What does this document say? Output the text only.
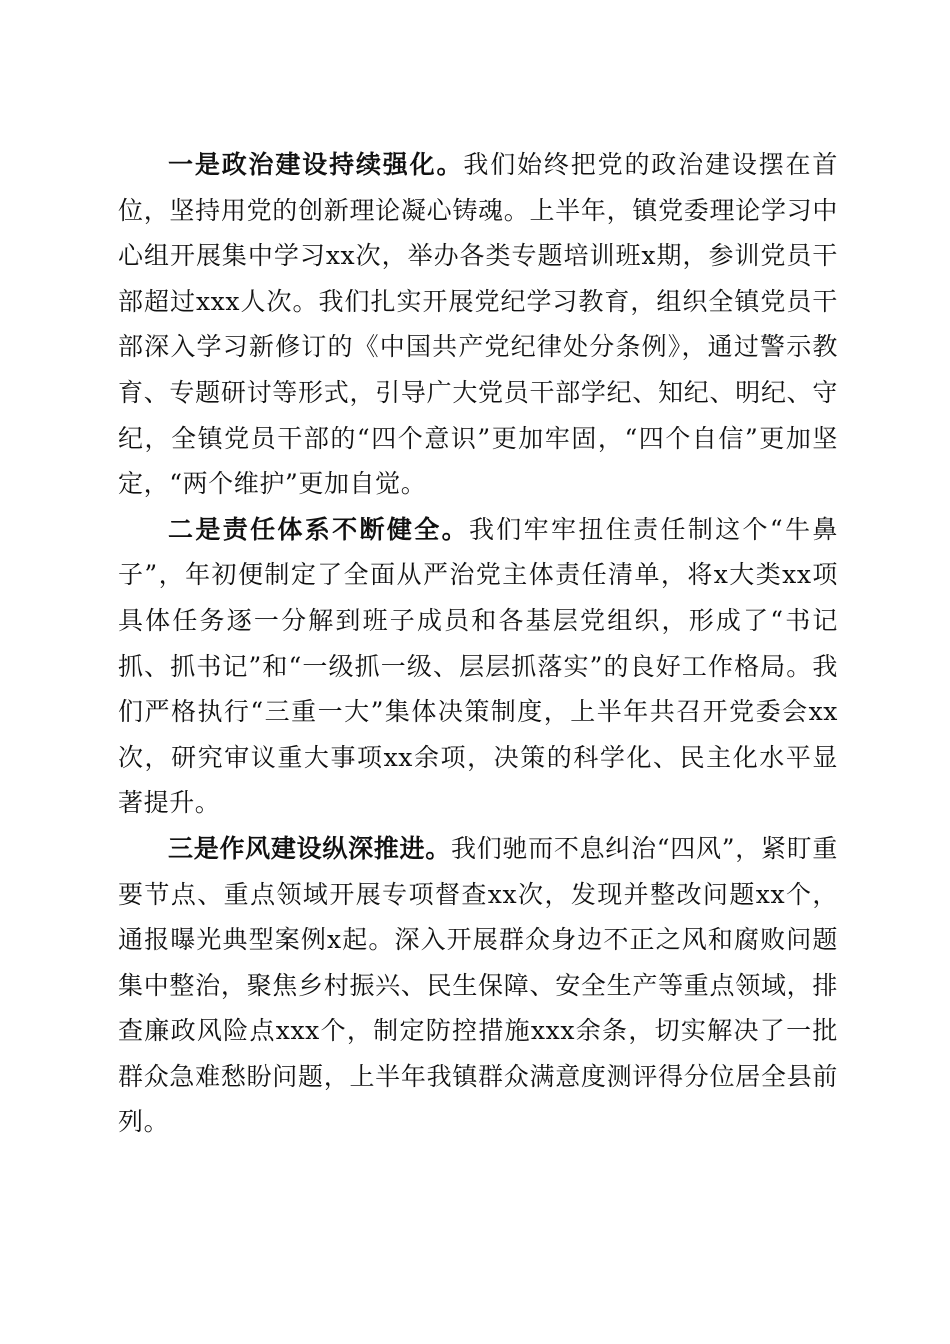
一是政治建设持续强化。我们始终把党的政治建设摆在首位，坚持用党的创新理论凝心铸魂。上半年，镇党委理论学习中心组开展集中学习xx次，举办各类专题培训班x期，参训党员干部超过xxx人次。我们扎实开展党纪学习教育，组织全镇党员干部深入学习新修订的《中国共产党纪律处分条例》，通过警示教育、专题研讨等形式，引导广大党员干部学纪、知纪、明纪、守纪，全镇党员干部的“四个意识”更加牢固，“四个自信”更加坚定，“两个维护”更加自觉。

二是责任体系不断健全。我们牢牢扭住责任制这个“牛鼻子”，年初便制定了全面从严治党主体责任清单，将x大类xx项具体任务逐一分解到班子成员和各基层党组织，形成了“书记抓、抓书记”和“一级抓一级、层层抓落实”的良好工作格局。我们严格执行“三重一大”集体决策制度，上半年共召开党委会xx次，研究审议重大事项xx余项，决策的科学化、民主化水平显著提升。

三是作风建设纵深推进。我们驰而不息纠治“四风”，紧盯重要节点、重点领域开展专项督查xx次，发现并整改问题xx个，通报曝光典型案例x起。深入开展群众身边不正之风和腐败问题集中整治，聚焦乡村振兴、民生保障、安全生产等重点领域，排查廉政风险点xxx个，制定防控措施xxx余条，切实解决了一批群众急难愁盼问题，上半年我镇群众满意度测评得分位居全县前列。
